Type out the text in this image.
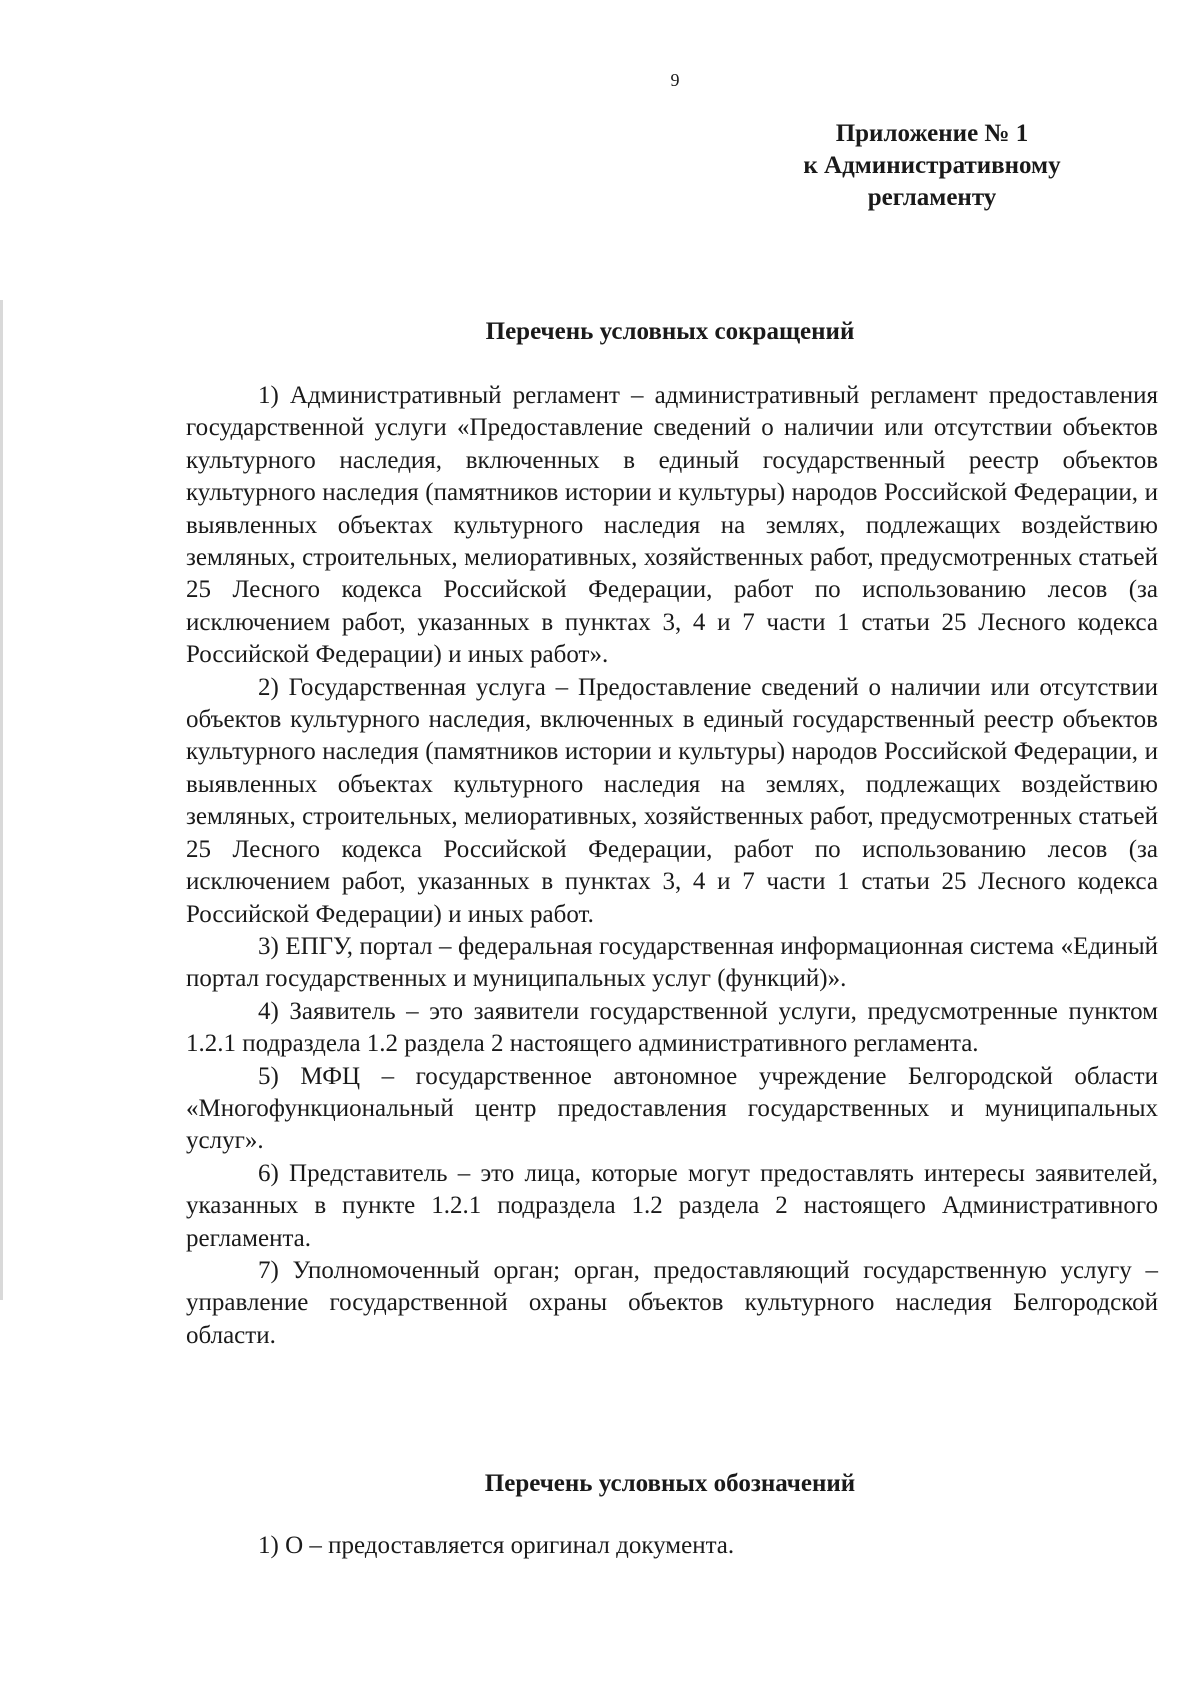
9
Приложение № 1
к Административному
регламенту
Перечень условных сокращений

1) Административный регламент – административный регламент предоставления государственной услуги «Предоставление сведений о наличии или отсутствии объектов культурного наследия, включенных в единый государственный реестр объектов культурного наследия (памятников истории и культуры) народов Российской Федерации, и выявленных объектах культурного наследия на землях, подлежащих воздействию земляных, строительных, мелиоративных, хозяйственных работ, предусмотренных статьей 25 Лесного кодекса Российской Федерации, работ по использованию лесов (за исключением работ, указанных в пунктах 3, 4 и 7 части 1 статьи 25 Лесного кодекса Российской Федерации) и иных работ».

2) Государственная услуга – Предоставление сведений о наличии или отсутствии объектов культурного наследия, включенных в единый государственный реестр объектов культурного наследия (памятников истории и культуры) народов Российской Федерации, и выявленных объектах культурного наследия на землях, подлежащих воздействию земляных, строительных, мелиоративных, хозяйственных работ, предусмотренных статьей 25 Лесного кодекса Российской Федерации, работ по использованию лесов (за исключением работ, указанных в пунктах 3, 4 и 7 части 1 статьи 25 Лесного кодекса Российской Федерации) и иных работ.

3) ЕПГУ, портал – федеральная государственная информационная система «Единый портал государственных и муниципальных услуг (функций)».

4) Заявитель – это заявители государственной услуги, предусмотренные пунктом 1.2.1 подраздела 1.2 раздела 2 настоящего административного регламента.

5) МФЦ – государственное автономное учреждение Белгородской области «Многофункциональный центр предоставления государственных и муниципальных услуг».

6) Представитель – это лица, которые могут предоставлять интересы заявителей, указанных в пункте 1.2.1 подраздела 1.2 раздела 2 настоящего Административного регламента.

7) Уполномоченный орган; орган, предоставляющий государственную услугу – управление государственной охраны объектов культурного наследия Белгородской области.

Перечень условных обозначений

1) О – предоставляется оригинал документа.
